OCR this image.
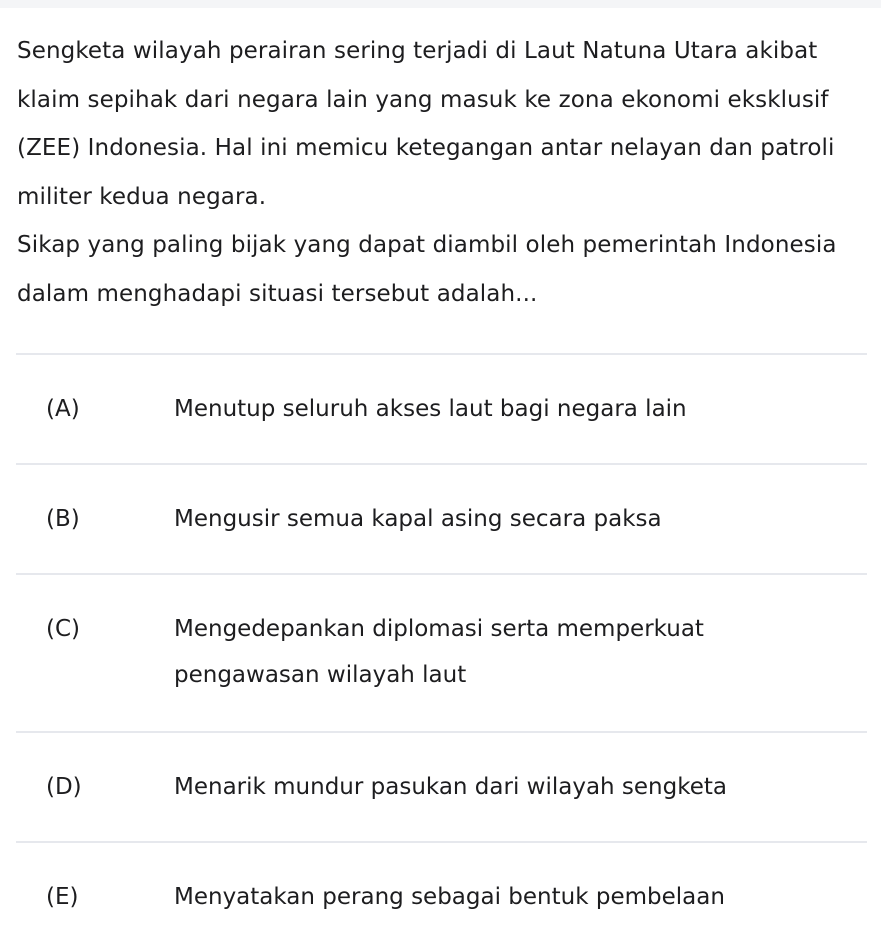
Sengketa wilayah perairan sering terjadi di Laut Natuna Utara akibat klaim sepihak dari negara lain yang masuk ke zona ekonomi eksklusif (ZEE) Indonesia. Hal ini memicu ketegangan antar nelayan dan patroli militer kedua negara.

Sikap yang paling bijak yang dapat diambil oleh pemerintah Indonesia dalam menghadapi situasi tersebut adalah...

(A)	Menutup seluruh akses laut bagi negara lain
(B)	Mengusir semua kapal asing secara paksa
(C)	Mengedepankan diplomasi serta memperkuat pengawasan wilayah laut
(D)	Menarik mundur pasukan dari wilayah sengketa
(E)	Menyatakan perang sebagai bentuk pembelaan
